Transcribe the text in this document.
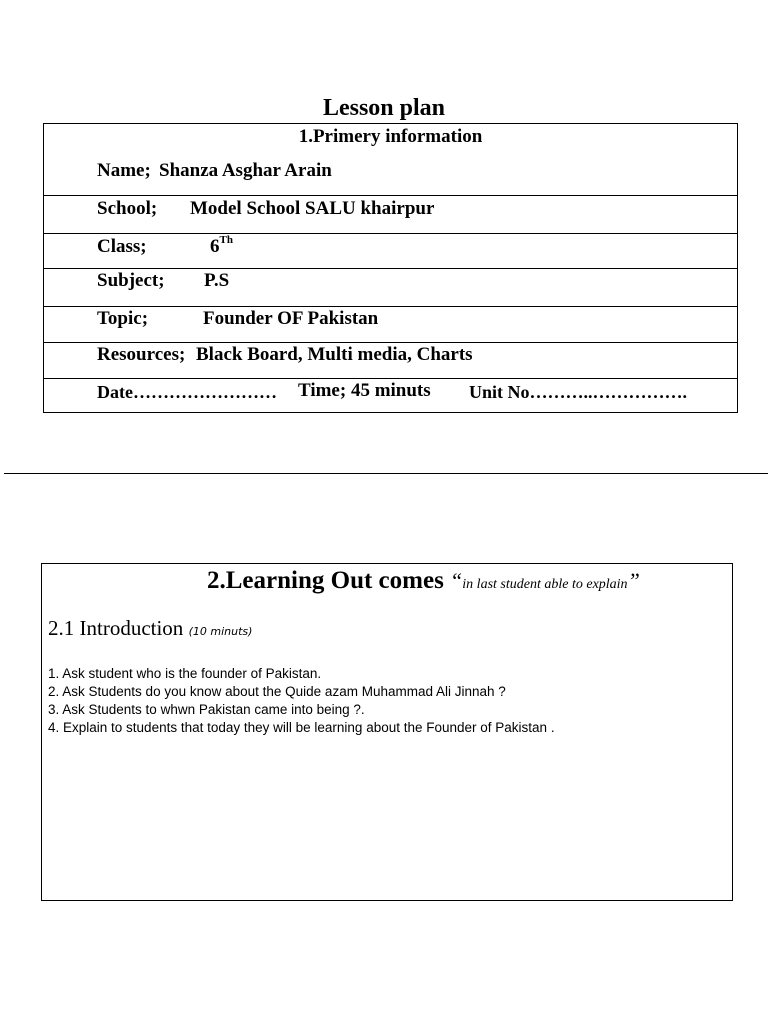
Lesson plan
1.Primery information
Name; Shanza Asghar Arain
School; Model School SALU khairpur
Class;	6Th
Subject; P.S
Topic;	Founder OF Pakistan
Resources; Black Board, Multi media, Charts
Date…………………… Time; 45 minuts Unit No………..…………….
2.Learning Out comes “in last student able to explain”
2.1 Introduction (10 minuts)
1. Ask student who is the founder of Pakistan.
2. Ask Students do you know about the Quide azam Muhammad Ali Jinnah ?
3. Ask Students to whwn Pakistan came into being ?.
4. Explain to students that today they will be learning about the Founder of Pakistan .
